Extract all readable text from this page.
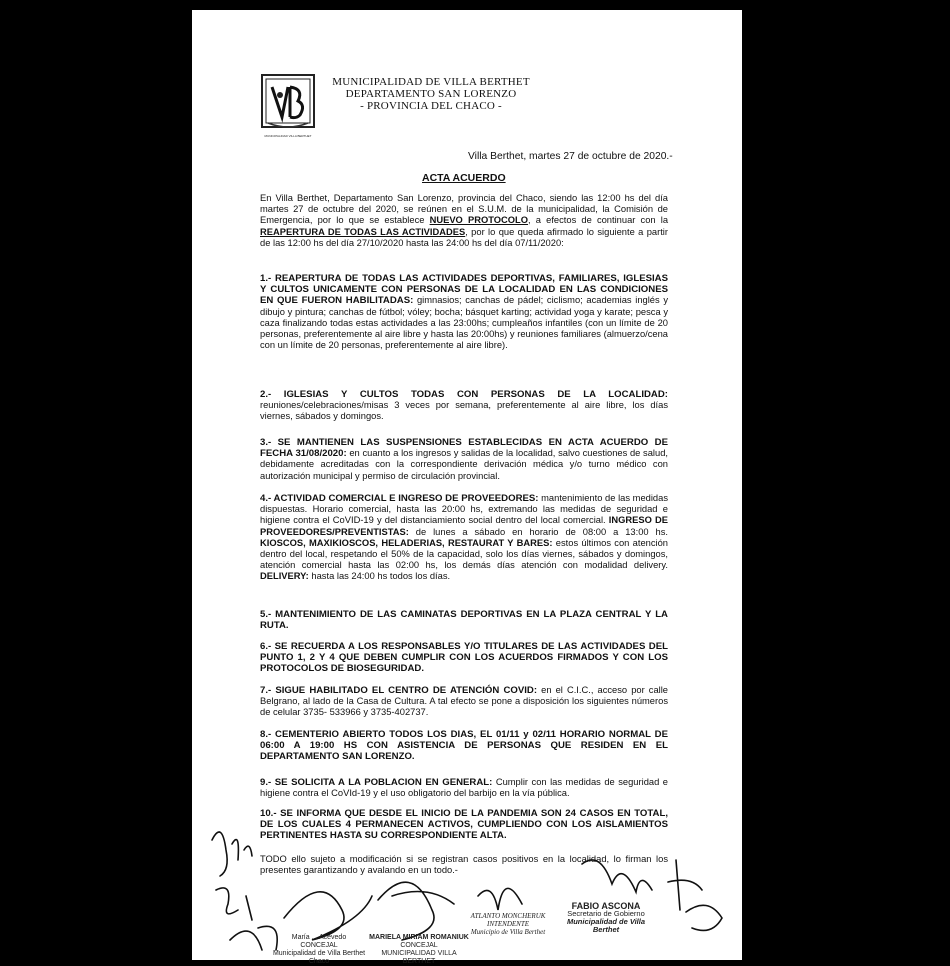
MUNICIPALIDAD VILLA BERTHET
MUNICIPALIDAD DE VILLA BERTHET
DEPARTAMENTO SAN LORENZO
- PROVINCIA DEL CHACO -
Villa Berthet, martes 27 de octubre de 2020.-
ACTA ACUERDO
En Villa Berthet, Departamento San Lorenzo, provincia del Chaco, siendo las 12:00 hs del día martes 27 de octubre del 2020, se reúnen en el S.U.M. de la municipalidad, la Comisión de Emergencia, por lo que se establece NUEVO PROTOCOLO, a efectos de continuar con la REAPERTURA DE TODAS LAS ACTIVIDADES, por lo que queda afirmado lo siguiente a partir de las 12:00 hs del día 27/10/2020 hasta las 24:00 hs del día 07/11/2020:
1.- REAPERTURA DE TODAS LAS ACTIVIDADES DEPORTIVAS, FAMILIARES, IGLESIAS Y CULTOS UNICAMENTE CON PERSONAS DE LA LOCALIDAD EN LAS CONDICIONES EN QUE FUERON HABILITADAS: gimnasios; canchas de pádel; ciclismo; academias inglés y dibujo y pintura; canchas de fútbol; vóley; bocha; básquet karting; actividad yoga y karate; pesca y caza finalizando todas estas actividades a las 23:00hs; cumpleaños infantiles (con un límite de 20 personas, preferentemente al aire libre y hasta las 20:00hs) y reuniones familiares (almuerzo/cena con un límite de 20 personas, preferentemente al aire libre).
2.- IGLESIAS Y CULTOS TODAS CON PERSONAS DE LA LOCALIDAD: reuniones/celebraciones/misas 3 veces por semana, preferentemente al aire libre, los días viernes, sábados y domingos.
3.- SE MANTIENEN LAS SUSPENSIONES ESTABLECIDAS EN ACTA ACUERDO DE FECHA 31/08/2020: en cuanto a los ingresos y salidas de la localidad, salvo cuestiones de salud, debidamente acreditadas con la correspondiente derivación médica y/o turno médico con autorización municipal y permiso de circulación provincial.
4.- ACTIVIDAD COMERCIAL E INGRESO DE PROVEEDORES: mantenimiento de las medidas dispuestas. Horario comercial, hasta las 20:00 hs, extremando las medidas de seguridad e higiene contra el CoVID-19 y del distanciamiento social dentro del local comercial. INGRESO DE PROVEEDORES/PREVENTISTAS: de lunes a sábado en horario de 08:00 a 13:00 hs. KIOSCOS, MAXIKIOSCOS, HELADERIAS, RESTAURAT Y BARES: estos últimos con atención dentro del local, respetando el 50% de la capacidad, solo los días viernes, sábados y domingos, atención comercial hasta las 02:00 hs, los demás días atención con modalidad delivery. DELIVERY: hasta las 24:00 hs todos los días.
5.- MANTENIMIENTO DE LAS CAMINATAS DEPORTIVAS EN LA PLAZA CENTRAL Y LA RUTA.
6.- SE RECUERDA A LOS RESPONSABLES Y/O TITULARES DE LAS ACTIVIDADES DEL PUNTO 1, 2 Y 4 QUE DEBEN CUMPLIR CON LOS ACUERDOS FIRMADOS Y CON LOS PROTOCOLOS DE BIOSEGURIDAD.
7.- SIGUE HABILITADO EL CENTRO DE ATENCIÓN COVID: en el C.I.C., acceso por calle Belgrano, al lado de la Casa de Cultura. A tal efecto se pone a disposición los siguientes números de celular 3735- 533966 y 3735-402737.
8.- CEMENTERIO ABIERTO TODOS LOS DIAS, EL 01/11 y 02/11 HORARIO NORMAL DE 06:00 A 19:00 HS CON ASISTENCIA DE PERSONAS QUE RESIDEN EN EL DEPARTAMENTO SAN LORENZO.
9.- SE SOLICITA A LA POBLACION EN GENERAL: Cumplir con las medidas de seguridad e higiene contra el CoVId-19 y el uso obligatorio del barbijo en la vía pública.
10.- SE INFORMA QUE DESDE EL INICIO DE LA PANDEMIA SON 24 CASOS EN TOTAL, DE LOS CUALES 4 PERMANECEN ACTIVOS, CUMPLIENDO CON LOS AISLAMIENTOS PERTINENTES HASTA SU CORRESPONDIENTE ALTA.
TODO ello sujeto a modificación si se registran casos positivos en la localidad, lo firman los presentes garantizando y avalando en un todo.-
María ... Acevedo
CONCEJAL
Municipalidad de Villa Berthet Chaco
MARIELA MIRIAM ROMANIUK
CONCEJAL
MUNICIPALIDAD VILLA BERTHET
ATLANTO MONCHERUK
INTENDENTE
Municipio de Villa Berthet
FABIO ASCONA
Secretario de Gobierno
Municipalidad de Villa Berthet
